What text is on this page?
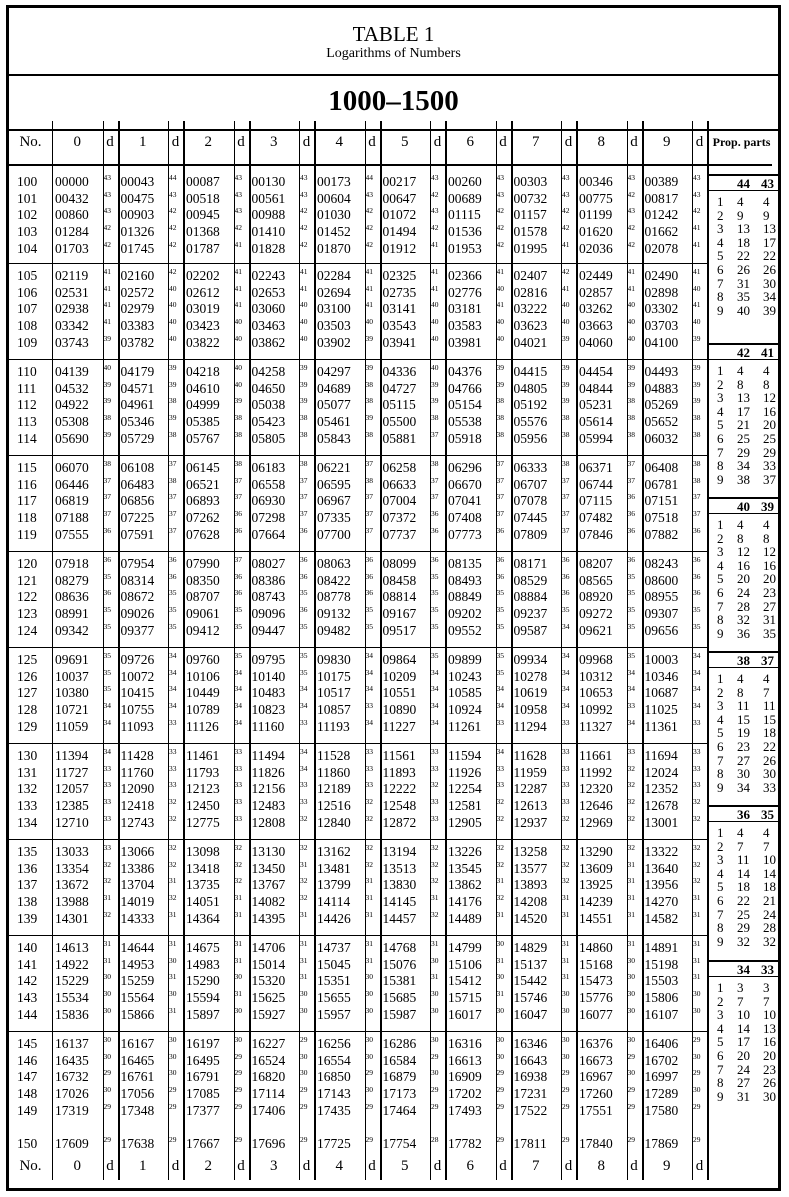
TABLE 1
Logarithms of Numbers
1000–1500
No.	0	d	1	d	2	d	3	d	4	d	5	d	6	d	7	d	8	d	9	d Prop. parts
No.	0	d	1	d	2	d	3	d	4	d	5	d	6	d	7	d	8	d	9	d
100 00000 43 00043 44 00087 43 00130 43 00173 44 00217 43 00260 43 00303 43 00346 43 00389 43
101 00432 43 00475 43 00518 43 00561 43 00604 43 00647 42 00689 43 00732 43 00775 42 00817 43
102 00860 43 00903 42 00945 43 00988 42 01030 42 01072 43 01115 42 01157 42 01199 43 01242 42
103 01284 42 01326 42 01368 42 01410 42 01452 42 01494 42 01536 42 01578 42 01620 42 01662 41
104 01703 42 01745 42 01787 41 01828 42 01870 42 01912 41 01953 42 01995 41 02036 42 02078 41
105 02119 41 02160 42 02202 41 02243 41 02284 41 02325 41 02366 41 02407 42 02449 41 02490 41
106 02531 41 02572 40 02612 41 02653 41 02694 41 02735 41 02776 40 02816 41 02857 41 02898 40
107 02938 41 02979 40 03019 41 03060 40 03100 41 03141 40 03181 41 03222 40 03262 40 03302 41
108 03342 41 03383 40 03423 40 03463 40 03503 40 03543 40 03583 40 03623 40 03663 40 03703 40
109 03743 39 03782 40 03822 40 03862 40 03902 39 03941 40 03981 40 04021 39 04060 40 04100 39
110 04139 40 04179 39 04218 40 04258 39 04297 39 04336 40 04376 39 04415 39 04454 39 04493 39
111 04532 39 04571 39 04610 40 04650 39 04689 38 04727 39 04766 39 04805 39 04844 39 04883 39
112 04922 39 04961 38 04999 39 05038 39 05077 38 05115 39 05154 38 05192 39 05231 38 05269 39
113 05308 38 05346 39 05385 38 05423 38 05461 39 05500 38 05538 38 05576 38 05614 38 05652 38
114 05690 39 05729 38 05767 38 05805 38 05843 38 05881 37 05918 38 05956 38 05994 38 06032 38
115 06070 38 06108 37 06145 38 06183 38 06221 37 06258 38 06296 37 06333 38 06371 37 06408 38
116 06446 37 06483 38 06521 37 06558 37 06595 38 06633 37 06670 37 06707 37 06744 37 06781 38
117 06819 37 06856 37 06893 37 06930 37 06967 37 07004 37 07041 37 07078 37 07115 36 07151 37
118 07188 37 07225 37 07262 36 07298 37 07335 37 07372 36 07408 37 07445 37 07482 36 07518 37
119 07555 36 07591 37 07628 36 07664 36 07700 37 07737 36 07773 36 07809 37 07846 36 07882 36
120 07918 36 07954 36 07990 37 08027 36 08063 36 08099 36 08135 36 08171 36 08207 36 08243 36
121 08279 35 08314 36 08350 36 08386 36 08422 36 08458 35 08493 36 08529 36 08565 35 08600 36
122 08636 36 08672 35 08707 36 08743 35 08778 36 08814 35 08849 35 08884 36 08920 35 08955 36
123 08991 35 09026 35 09061 35 09096 36 09132 35 09167 35 09202 35 09237 35 09272 35 09307 35
124 09342 35 09377 35 09412 35 09447 35 09482 35 09517 35 09552 35 09587 34 09621 35 09656 35
125 09691 35 09726 34 09760 35 09795 35 09830 34 09864 35 09899 35 09934 34 09968 35 10003 34
126 10037 35 10072 34 10106 34 10140 35 10175 34 10209 34 10243 35 10278 34 10312 34 10346 34
127 10380 35 10415 34 10449 34 10483 34 10517 34 10551 34 10585 34 10619 34 10653 34 10687 34
128 10721 34 10755 34 10789 34 10823 34 10857 33 10890 34 10924 34 10958 34 10992 33 11025 34
129 11059 34 11093 33 11126 34 11160 33 11193 34 11227 34 11261 33 11294 33 11327 34 11361 33
130 11394 34 11428 33 11461 33 11494 34 11528 33 11561 33 11594 34 11628 33 11661 33 11694 33
131 11727 33 11760 33 11793 33 11826 34 11860 33 11893 33 11926 33 11959 33 11992 32 12024 33
132 12057 33 12090 33 12123 33 12156 33 12189 33 12222 32 12254 33 12287 33 12320 32 12352 33
133 12385 33 12418 32 12450 33 12483 33 12516 32 12548 33 12581 32 12613 33 12646 32 12678 32
134 12710 33 12743 32 12775 33 12808 32 12840 32 12872 33 12905 32 12937 32 12969 32 13001 32
135 13033 33 13066 32 13098 32 13130 32 13162 32 13194 32 13226 32 13258 32 13290 32 13322 32
136 13354 32 13386 32 13418 32 13450 31 13481 32 13513 32 13545 32 13577 32 13609 31 13640 32
137 13672 32 13704 31 13735 32 13767 32 13799 31 13830 32 13862 31 13893 32 13925 31 13956 32
138 13988 31 14019 32 14051 31 14082 32 14114 31 14145 31 14176 32 14208 31 14239 31 14270 31
139 14301 32 14333 31 14364 31 14395 31 14426 31 14457 32 14489 31 14520 31 14551 31 14582 31
140 14613 31 14644 31 14675 31 14706 31 14737 31 14768 31 14799 30 14829 31 14860 31 14891 31
141 14922 31 14953 30 14983 31 15014 31 15045 31 15076 30 15106 31 15137 31 15168 30 15198 31
142 15229 30 15259 31 15290 30 15320 31 15351 30 15381 31 15412 30 15442 31 15473 30 15503 31
143 15534 30 15564 30 15594 31 15625 30 15655 30 15685 30 15715 31 15746 30 15776 30 15806 30
144 15836 30 15866 31 15897 30 15927 30 15957 30 15987 30 16017 30 16047 30 16077 30 16107 30
145 16137 30 16167 30 16197 30 16227 29 16256 30 16286 30 16316 30 16346 30 16376 30 16406 29
146 16435 30 16465 30 16495 29 16524 30 16554 30 16584 29 16613 30 16643 30 16673 29 16702 30
147 16732 29 16761 30 16791 29 16820 30 16850 29 16879 30 16909 29 16938 29 16967 30 16997 29
148 17026 30 17056 29 17085 29 17114 29 17143 30 17173 29 17202 29 17231 29 17260 29 17289 30
149 17319 29 17348 29 17377 29 17406 29 17435 29 17464 29 17493 29 17522 29 17551 29 17580 29
150 17609 29 17638 29 17667 29 17696 29 17725 29 17754 28 17782 29 17811 29 17840 29 17869 29
44 43
1 4 4
2 9 9
3 13 13
4 18 17
5 22 22
6 26 26
7 31 30
8 35 34
9 40 39
42 41
1 4 4
2 8 8
3 13 12
4 17 16
5 21 20
6 25 25
7 29 29
8 34 33
9 38 37
40 39
1 4 4
2 8 8
3 12 12
4 16 16
5 20 20
6 24 23
7 28 27
8 32 31
9 36 35
38 37
1 4 4
2 8 7
3 11 11
4 15 15
5 19 18
6 23 22
7 27 26
8 30 30
9 34 33
36 35
1 4 4
2 7 7
3 11 10
4 14 14
5 18 18
6 22 21
7 25 24
8 29 28
9 32 32
34 33
1 3 3
2 7 7
3 10 10
4 14 13
5 17 16
6 20 20
7 24 23
8 27 26
9 31 30
